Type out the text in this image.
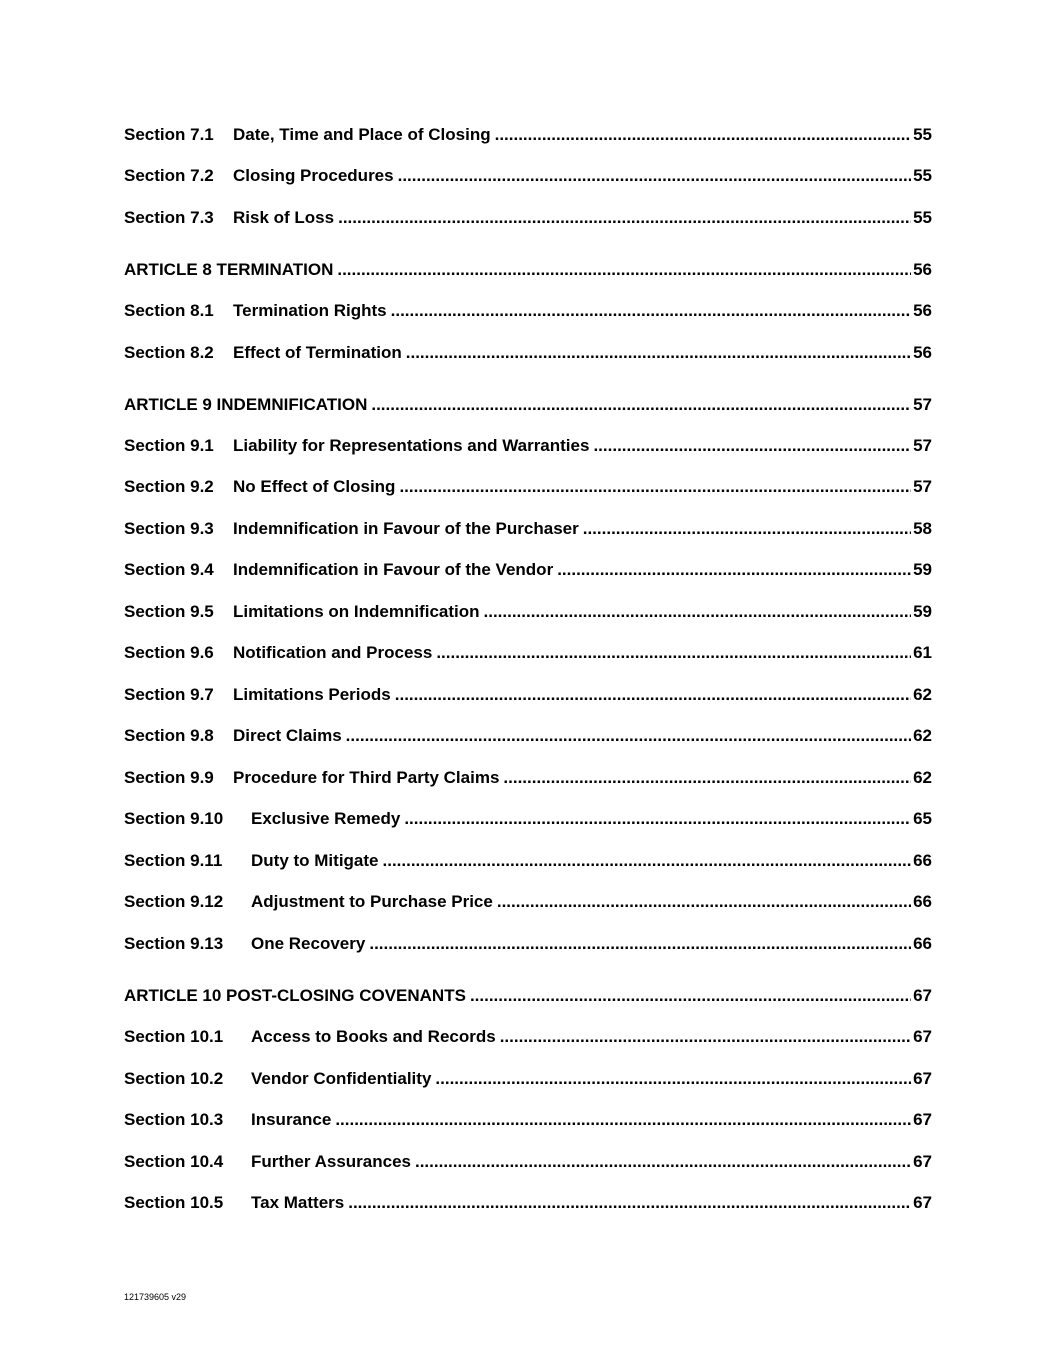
Section 7.1	Date, Time and Place of Closing .....	55
Section 7.2	Closing Procedures .....	55
Section 7.3	Risk of Loss .....	55
ARTICLE 8 TERMINATION .....	56
Section 8.1	Termination Rights .....	56
Section 8.2	Effect of Termination .....	56
ARTICLE 9 INDEMNIFICATION .....	57
Section 9.1	Liability for Representations and Warranties .....	57
Section 9.2	No Effect of Closing .....	57
Section 9.3	Indemnification in Favour of the Purchaser .....	58
Section 9.4	Indemnification in Favour of the Vendor .....	59
Section 9.5	Limitations on Indemnification .....	59
Section 9.6	Notification and Process .....	61
Section 9.7	Limitations Periods .....	62
Section 9.8	Direct Claims .....	62
Section 9.9	Procedure for Third Party Claims .....	62
Section 9.10	Exclusive Remedy .....	65
Section 9.11	Duty to Mitigate .....	66
Section 9.12	Adjustment to Purchase Price .....	66
Section 9.13	One Recovery .....	66
ARTICLE 10 POST-CLOSING COVENANTS .....	67
Section 10.1	Access to Books and Records .....	67
Section 10.2	Vendor Confidentiality .....	67
Section 10.3	Insurance .....	67
Section 10.4	Further Assurances .....	67
Section 10.5	Tax Matters .....	67
121739605 v29
